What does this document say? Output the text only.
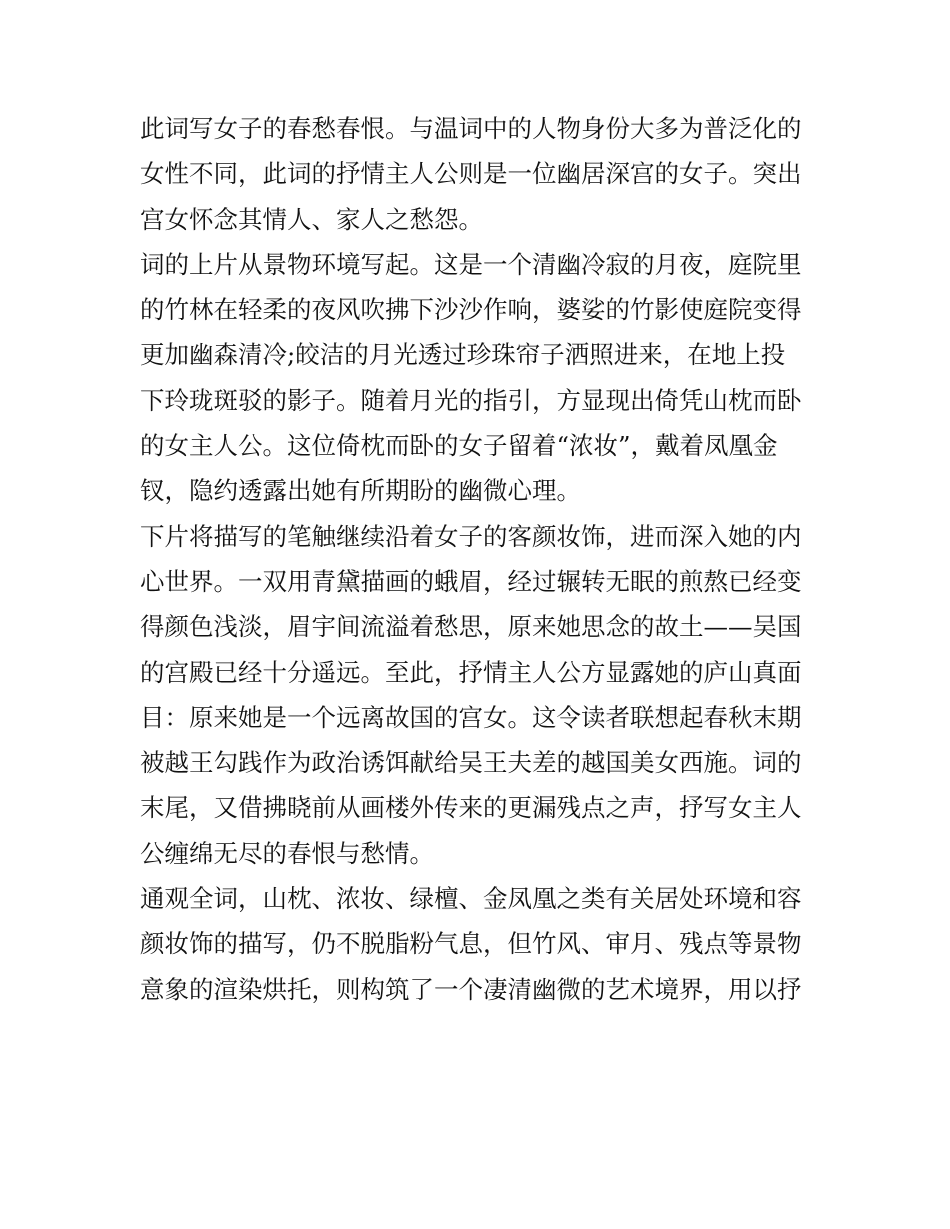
此词写女子的春愁春恨。与温词中的人物身份大多为普泛化的
女性不同，此词的抒情主人公则是一位幽居深宫的女子。突出
宫女怀念其情人、家人之愁怨。
词的上片从景物环境写起。这是一个清幽冷寂的月夜，庭院里
的竹林在轻柔的夜风吹拂下沙沙作响，婆娑的竹影使庭院变得
更加幽森清冷;皎洁的月光透过珍珠帘子洒照进来，在地上投
下玲珑斑驳的影子。随着月光的指引，方显现出倚凭山枕而卧
的女主人公。这位倚枕而卧的女子留着“浓妆”，戴着凤凰金
钗，隐约透露出她有所期盼的幽微心理。
下片将描写的笔触继续沿着女子的客颜妆饰，进而深入她的内
心世界。一双用青黛描画的蛾眉，经过辗转无眠的煎熬已经变
得颜色浅淡，眉宇间流溢着愁思，原来她思念的故土——吴国
的宫殿已经十分遥远。至此，抒情主人公方显露她的庐山真面
目：原来她是一个远离故国的宫女。这令读者联想起春秋末期
被越王勾践作为政治诱饵献给吴王夫差的越国美女西施。词的
末尾，又借拂晓前从画楼外传来的更漏残点之声，抒写女主人
公缠绵无尽的春恨与愁情。
通观全词，山枕、浓妆、绿檀、金凤凰之类有关居处环境和容
颜妆饰的描写，仍不脱脂粉气息，但竹风、审月、残点等景物
意象的渲染烘托，则构筑了一个凄清幽微的艺术境界，用以抒
